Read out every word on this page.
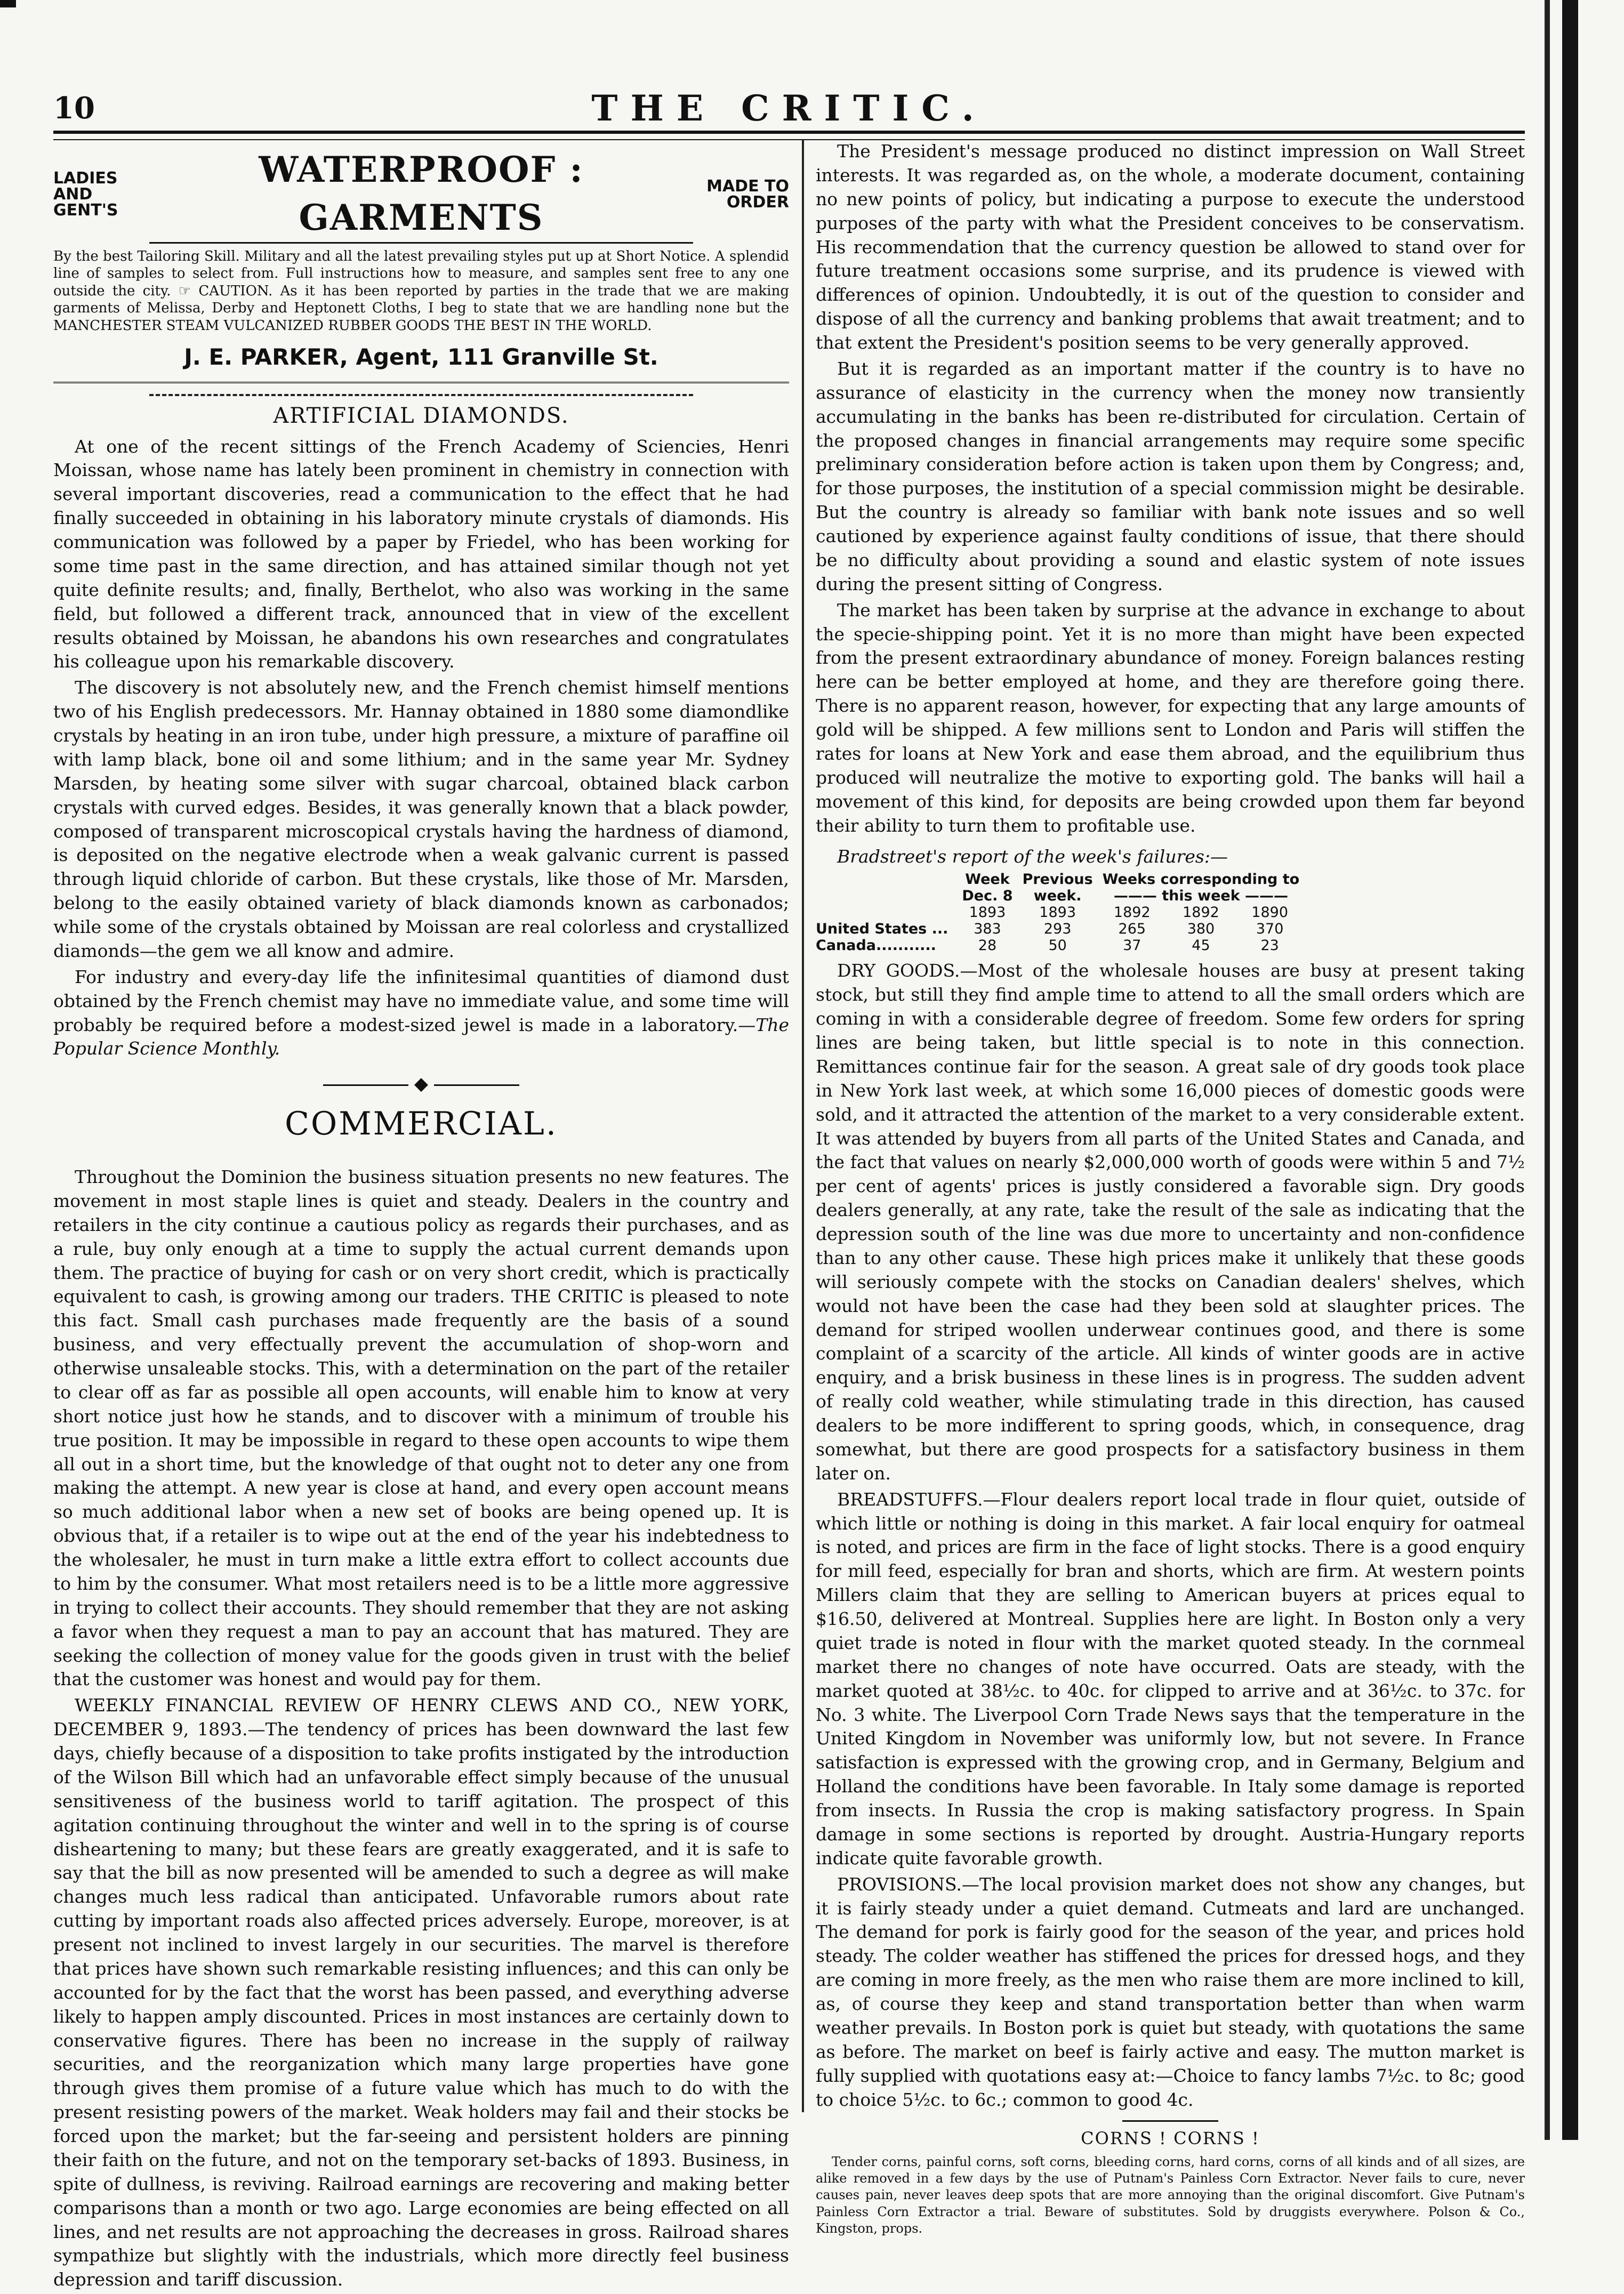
10	THE CRITIC.
LADIES AND GENT'S
WATERPROOF : GARMENTS
MADE TO ORDER
By the best Tailoring Skill. Military and all the latest prevailing styles put up at Short Notice. A splendid line of samples to select from. Full instructions how to measure, and samples sent free to any one outside the city. ☞ CAUTION. As it has been reported by parties in the trade that we are making garments of Melissa, Derby and Heptonett Cloths, I beg to state that we are handling none but the MANCHESTER STEAM VULCANIZED RUBBER GOODS THE BEST IN THE WORLD.
J. E. PARKER, Agent, 111 Granville St.
ARTIFICIAL DIAMONDS.

At one of the recent sittings of the French Academy of Sciencies, Henri Moissan, whose name has lately been prominent in chemistry in connection with several important discoveries, read a communication to the effect that he had finally succeeded in obtaining in his laboratory minute crystals of diamonds. His communication was followed by a paper by Friedel, who has been working for some time past in the same direction, and has attained similar though not yet quite definite results; and, finally, Berthelot, who also was working in the same field, but followed a different track, announced that in view of the excellent results obtained by Moissan, he abandons his own researches and congratulates his colleague upon his remarkable discovery.

The discovery is not absolutely new, and the French chemist himself mentions two of his English predecessors. Mr. Hannay obtained in 1880 some diamondlike crystals by heating in an iron tube, under high pressure, a mixture of paraffine oil with lamp black, bone oil and some lithium; and in the same year Mr. Sydney Marsden, by heating some silver with sugar charcoal, obtained black carbon crystals with curved edges. Besides, it was generally known that a black powder, composed of transparent microscopical crystals having the hardness of diamond, is deposited on the negative electrode when a weak galvanic current is passed through liquid chloride of carbon. But these crystals, like those of Mr. Marsden, belong to the easily obtained variety of black diamonds known as carbonados; while some of the crystals obtained by Moissan are real colorless and crystallized diamonds—the gem we all know and admire.

For industry and every-day life the infinitesimal quantities of diamond dust obtained by the French chemist may have no immediate value, and some time will probably be required before a modest-sized jewel is made in a laboratory.—The Popular Science Monthly.

◆
COMMERCIAL.

Throughout the Dominion the business situation presents no new features. The movement in most staple lines is quiet and steady. Dealers in the country and retailers in the city continue a cautious policy as regards their purchases, and as a rule, buy only enough at a time to supply the actual current demands upon them. The practice of buying for cash or on very short credit, which is practically equivalent to cash, is growing among our traders. THE CRITIC is pleased to note this fact. Small cash purchases made frequently are the basis of a sound business, and very effectually prevent the accumulation of shop-worn and otherwise unsaleable stocks. This, with a determination on the part of the retailer to clear off as far as possible all open accounts, will enable him to know at very short notice just how he stands, and to discover with a minimum of trouble his true position. It may be impossible in regard to these open accounts to wipe them all out in a short time, but the knowledge of that ought not to deter any one from making the attempt. A new year is close at hand, and every open account means so much additional labor when a new set of books are being opened up. It is obvious that, if a retailer is to wipe out at the end of the year his indebtedness to the wholesaler, he must in turn make a little extra effort to collect accounts due to him by the consumer. What most retailers need is to be a little more aggressive in trying to collect their accounts. They should remember that they are not asking a favor when they request a man to pay an account that has matured. They are seeking the collection of money value for the goods given in trust with the belief that the customer was honest and would pay for them.

WEEKLY FINANCIAL REVIEW OF HENRY CLEWS AND CO., NEW YORK, DECEMBER 9, 1893.—The tendency of prices has been downward the last few days, chiefly because of a disposition to take profits instigated by the introduction of the Wilson Bill which had an unfavorable effect simply because of the unusual sensitiveness of the business world to tariff agitation. The prospect of this agitation continuing throughout the winter and well in to the spring is of course disheartening to many; but these fears are greatly exaggerated, and it is safe to say that the bill as now presented will be amended to such a degree as will make changes much less radical than anticipated. Unfavorable rumors about rate cutting by important roads also affected prices adversely. Europe, moreover, is at present not inclined to invest largely in our securities. The marvel is therefore that prices have shown such remarkable resisting influences; and this can only be accounted for by the fact that the worst has been passed, and everything adverse likely to happen amply discounted. Prices in most instances are certainly down to conservative figures. There has been no increase in the supply of railway securities, and the reorganization which many large properties have gone through gives them promise of a future value which has much to do with the present resisting powers of the market. Weak holders may fail and their stocks be forced upon the market; but the far-seeing and persistent holders are pinning their faith on the future, and not on the temporary set-backs of 1893. Business, in spite of dullness, is reviving. Railroad earnings are recovering and making better comparisons than a month or two ago. Large economies are being effected on all lines, and net results are not approaching the decreases in gross. Railroad shares sympathize but slightly with the industrials, which more directly feel business depression and tariff discussion.

The President's message produced no distinct impression on Wall Street interests. It was regarded as, on the whole, a moderate document, containing no new points of policy, but indicating a purpose to execute the understood purposes of the party with what the President conceives to be conservatism. His recommendation that the currency question be allowed to stand over for future treatment occasions some surprise, and its prudence is viewed with differences of opinion. Undoubtedly, it is out of the question to consider and dispose of all the currency and banking problems that await treatment; and to that extent the President's position seems to be very generally approved.

But it is regarded as an important matter if the country is to have no assurance of elasticity in the currency when the money now transiently accumulating in the banks has been re-distributed for circulation. Certain of the proposed changes in financial arrangements may require some specific preliminary consideration before action is taken upon them by Congress; and, for those purposes, the institution of a special commission might be desirable. But the country is already so familiar with bank note issues and so well cautioned by experience against faulty conditions of issue, that there should be no difficulty about providing a sound and elastic system of note issues during the present sitting of Congress.

The market has been taken by surprise at the advance in exchange to about the specie-shipping point. Yet it is no more than might have been expected from the present extraordinary abundance of money. Foreign balances resting here can be better employed at home, and they are therefore going there. There is no apparent reason, however, for expecting that any large amounts of gold will be shipped. A few millions sent to London and Paris will stiffen the rates for loans at New York and ease them abroad, and the equilibrium thus produced will neutralize the motive to exporting gold. The banks will hail a movement of this kind, for deposits are being crowded upon them far beyond their ability to turn them to profitable use.

Bradstreet's report of the week's failures:—

	Week	Previous	Weeks corresponding to		
	Dec. 8	week.	——— this week ———		
	1893	1893	1892	1892	1890
United States ...	383	293	265	380	370
Canada...........	28	50	37	45	23

DRY GOODS.—Most of the wholesale houses are busy at present taking stock, but still they find ample time to attend to all the small orders which are coming in with a considerable degree of freedom. Some few orders for spring lines are being taken, but little special is to note in this connection. Remittances continue fair for the season. A great sale of dry goods took place in New York last week, at which some 16,000 pieces of domestic goods were sold, and it attracted the attention of the market to a very considerable extent. It was attended by buyers from all parts of the United States and Canada, and the fact that values on nearly $2,000,000 worth of goods were within 5 and 7½ per cent of agents' prices is justly considered a favorable sign. Dry goods dealers generally, at any rate, take the result of the sale as indicating that the depression south of the line was due more to uncertainty and non-confidence than to any other cause. These high prices make it unlikely that these goods will seriously compete with the stocks on Canadian dealers' shelves, which would not have been the case had they been sold at slaughter prices. The demand for striped woollen underwear continues good, and there is some complaint of a scarcity of the article. All kinds of winter goods are in active enquiry, and a brisk business in these lines is in progress. The sudden advent of really cold weather, while stimulating trade in this direction, has caused dealers to be more indifferent to spring goods, which, in consequence, drag somewhat, but there are good prospects for a satisfactory business in them later on.

BREADSTUFFS.—Flour dealers report local trade in flour quiet, outside of which little or nothing is doing in this market. A fair local enquiry for oatmeal is noted, and prices are firm in the face of light stocks. There is a good enquiry for mill feed, especially for bran and shorts, which are firm. At western points Millers claim that they are selling to American buyers at prices equal to $16.50, delivered at Montreal. Supplies here are light. In Boston only a very quiet trade is noted in flour with the market quoted steady. In the cornmeal market there no changes of note have occurred. Oats are steady, with the market quoted at 38½c. to 40c. for clipped to arrive and at 36½c. to 37c. for No. 3 white. The Liverpool Corn Trade News says that the temperature in the United Kingdom in November was uniformly low, but not severe. In France satisfaction is expressed with the growing crop, and in Germany, Belgium and Holland the conditions have been favorable. In Italy some damage is reported from insects. In Russia the crop is making satisfactory progress. In Spain damage in some sections is reported by drought. Austria-Hungary reports indicate quite favorable growth.

PROVISIONS.—The local provision market does not show any changes, but it is fairly steady under a quiet demand. Cutmeats and lard are unchanged. The demand for pork is fairly good for the season of the year, and prices hold steady. The colder weather has stiffened the prices for dressed hogs, and they are coming in more freely, as the men who raise them are more inclined to kill, as, of course they keep and stand transportation better than when warm weather prevails. In Boston pork is quiet but steady, with quotations the same as before. The market on beef is fairly active and easy. The mutton market is fully supplied with quotations easy at:—Choice to fancy lambs 7½c. to 8c; good to choice 5½c. to 6c.; common to good 4c.

CORNS ! CORNS !

Tender corns, painful corns, soft corns, bleeding corns, hard corns, corns of all kinds and of all sizes, are alike removed in a few days by the use of Putnam's Painless Corn Extractor. Never fails to cure, never causes pain, never leaves deep spots that are more annoying than the original discomfort. Give Putnam's Painless Corn Extractor a trial. Beware of substitutes. Sold by druggists everywhere. Polson & Co., Kingston, props.
